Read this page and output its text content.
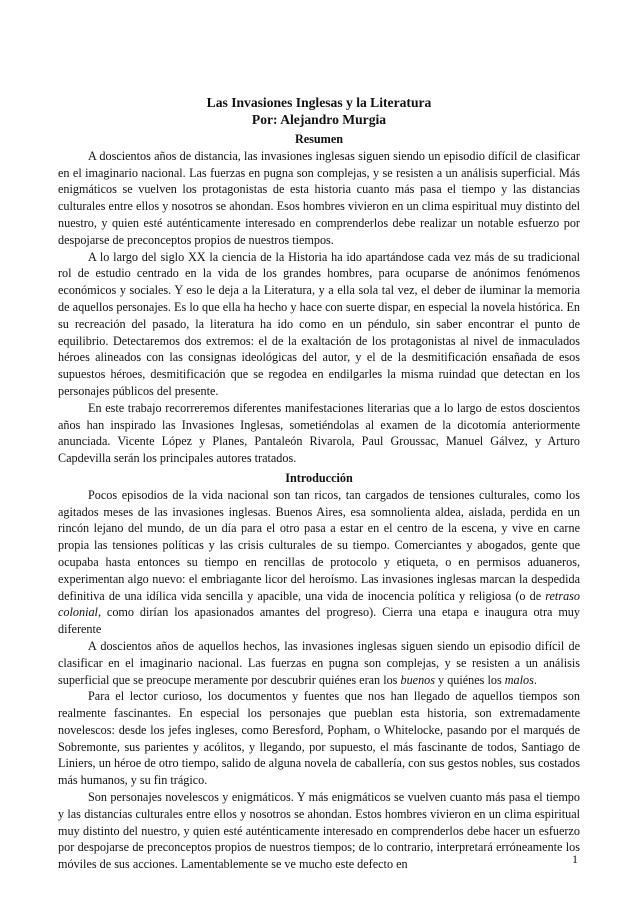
Las Invasiones Inglesas y la Literatura
Por: Alejandro Murgia
Resumen

A doscientos años de distancia, las invasiones inglesas siguen siendo un episodio difícil de clasificar en el imaginario nacional. Las fuerzas en pugna son complejas, y se resisten a un análisis superficial. Más enigmáticos se vuelven los protagonistas de esta historia cuanto más pasa el tiempo y las distancias culturales entre ellos y nosotros se ahondan. Esos hombres vivieron en un clima espiritual muy distinto del nuestro, y quien esté auténticamente interesado en comprenderlos debe realizar un notable esfuerzo por despojarse de preconceptos propios de nuestros tiempos.

A lo largo del siglo XX la ciencia de la Historia ha ido apartándose cada vez más de su tradicional rol de estudio centrado en la vida de los grandes hombres, para ocuparse de anónimos fenómenos económicos y sociales. Y eso le deja a la Literatura, y a ella sola tal vez, el deber de iluminar la memoria de aquellos personajes. Es lo que ella ha hecho y hace con suerte dispar, en especial la novela histórica. En su recreación del pasado, la literatura ha ido como en un péndulo, sin saber encontrar el punto de equilibrio. Detectaremos dos extremos: el de la exaltación de los protagonistas al nivel de inmaculados héroes alineados con las consignas ideológicas del autor, y el de la desmitificación ensañada de esos supuestos héroes, desmitificación que se regodea en endilgarles la misma ruindad que detectan en los personajes públicos del presente.

En este trabajo recorreremos diferentes manifestaciones literarias que a lo largo de estos doscientos años han inspirado las Invasiones Inglesas, sometiéndolas al examen de la dicotomía anteriormente anunciada. Vicente López y Planes, Pantaleón Rivarola, Paul Groussac, Manuel Gálvez, y Arturo Capdevilla serán los principales autores tratados.

Introducción

Pocos episodios de la vida nacional son tan ricos, tan cargados de tensiones culturales, como los agitados meses de las invasiones inglesas. Buenos Aires, esa somnolienta aldea, aislada, perdida en un rincón lejano del mundo, de un día para el otro pasa a estar en el centro de la escena, y vive en carne propia las tensiones políticas y las crisis culturales de su tiempo. Comerciantes y abogados, gente que ocupaba hasta entonces su tiempo en rencillas de protocolo y etiqueta, o en permisos aduaneros, experimentan algo nuevo: el embriagante licor del heroísmo. Las invasiones inglesas marcan la despedida definitiva de una idílica vida sencilla y apacible, una vida de inocencia política y religiosa (o de retraso colonial, como dirían los apasionados amantes del progreso). Cierra una etapa e inaugura otra muy diferente

A doscientos años de aquellos hechos, las invasiones inglesas siguen siendo un episodio difícil de clasificar en el imaginario nacional. Las fuerzas en pugna son complejas, y se resisten a un análisis superficial que se preocupe meramente por descubrir quiénes eran los buenos y quiénes los malos.

Para el lector curioso, los documentos y fuentes que nos han llegado de aquellos tiempos son realmente fascinantes. En especial los personajes que pueblan esta historia, son extremadamente novelescos: desde los jefes ingleses, como Beresford, Popham, o Whitelocke, pasando por el marqués de Sobremonte, sus parientes y acólitos, y llegando, por supuesto, el más fascinante de todos, Santiago de Liniers, un héroe de otro tiempo, salido de alguna novela de caballería, con sus gestos nobles, sus costados más humanos, y su fin trágico.

Son personajes novelescos y enigmáticos. Y más enigmáticos se vuelven cuanto más pasa el tiempo y las distancias culturales entre ellos y nosotros se ahondan. Estos hombres vivieron en un clima espiritual muy distinto del nuestro, y quien esté auténticamente interesado en comprenderlos debe hacer un esfuerzo por despojarse de preconceptos propios de nuestros tiempos; de lo contrario, interpretará erróneamente los móviles de sus acciones. Lamentablemente se ve mucho este defecto en	1
